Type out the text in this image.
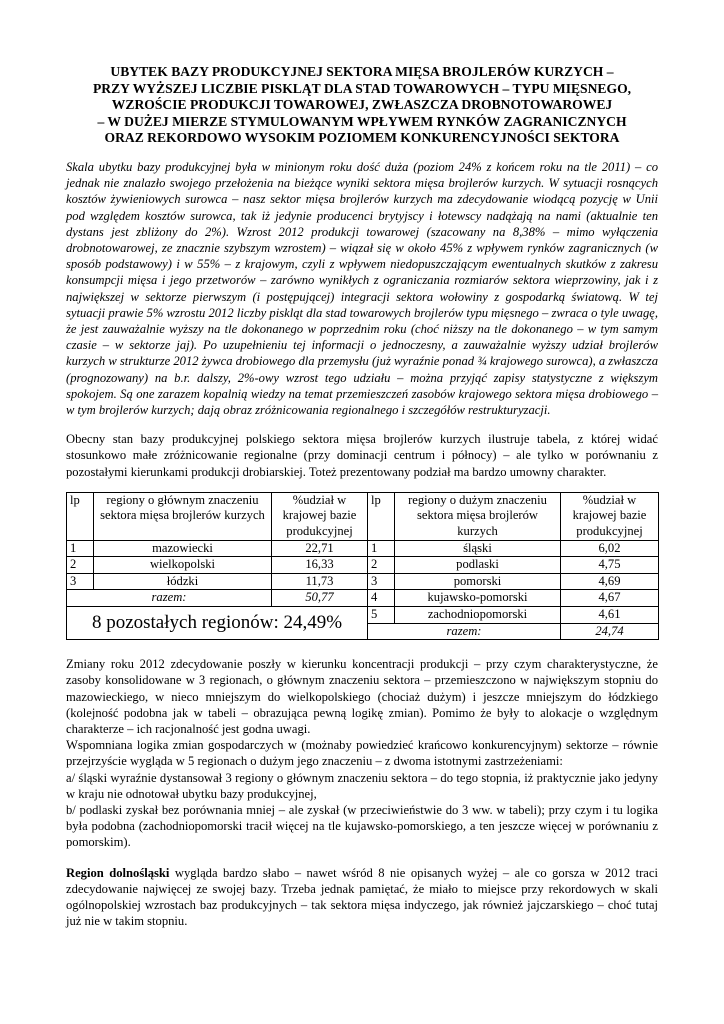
UBYTEK BAZY PRODUKCYJNEJ SEKTORA MIĘSA BROJLERÓW KURZYCH –
PRZY WYŻSZEJ LICZBIE PISKLĄT DLA STAD TOWAROWYCH – TYPU MIĘSNEGO,
WZROŚCIE PRODUKCJI TOWAROWEJ, ZWŁASZCZA DROBNOTOWAROWEJ
– W DUŻEJ MIERZE STYMULOWANYM WPŁYWEM RYNKÓW ZAGRANICZNYCH
ORAZ REKORDOWO WYSOKIM POZIOMEM KONKURENCYJNOŚCI SEKTORA

Skala ubytku bazy produkcyjnej była w minionym roku dość duża (poziom 24% z końcem roku na tle 2011) – co jednak nie znalazło swojego przełożenia na bieżące wyniki sektora mięsa brojlerów kurzych. W sytuacji rosnących kosztów żywieniowych surowca – nasz sektor mięsa brojlerów kurzych ma zdecydowanie wiodącą pozycję w Unii pod względem kosztów surowca, tak iż jedynie producenci brytyjscy i łotewscy nadążają na nami (aktualnie ten dystans jest zbliżony do 2%). Wzrost 2012 produkcji towarowej (szacowany na 8,38% – mimo wyłączenia drobnotowarowej, ze znacznie szybszym wzrostem) – wiązał się w około 45% z wpływem rynków zagranicznych (w sposób podstawowy) i w 55% – z krajowym, czyli z wpływem niedopuszczającym ewentualnych skutków z zakresu konsumpcji mięsa i jego przetworów – zarówno wynikłych z ograniczania rozmiarów sektora wieprzowiny, jak i z największej w sektorze pierwszym (i postępującej) integracji sektora wołowiny z gospodarką światową. W tej sytuacji prawie 5% wzrostu 2012 liczby piskląt dla stad towarowych brojlerów typu mięsnego – zwraca o tyle uwagę, że jest zauważalnie wyższy na tle dokonanego w poprzednim roku (choć niższy na tle dokonanego – w tym samym czasie – w sektorze jaj). Po uzupełnieniu tej informacji o jednoczesny, a zauważalnie wyższy udział brojlerów kurzych w strukturze 2012 żywca drobiowego dla przemysłu (już wyraźnie ponad ¾ krajowego surowca), a zwłaszcza (prognozowany) na b.r. dalszy, 2%-owy wzrost tego udziału – można przyjąć zapisy statystyczne z większym spokojem. Są one zarazem kopalnią wiedzy na temat przemieszczeń zasobów krajowego sektora mięsa drobiowego – w tym brojlerów kurzych; dają obraz zróżnicowania regionalnego i szczegółów restrukturyzacji.

Obecny stan bazy produkcyjnej polskiego sektora mięsa brojlerów kurzych ilustruje tabela, z której widać stosunkowo małe zróżnicowanie regionalne (przy dominacji centrum i północy) – ale tylko w porównaniu z pozostałymi kierunkami produkcji drobiarskiej. Toteż prezentowany podział ma bardzo umowny charakter.

lp	regiony o głównym znaczeniu sektora mięsa brojlerów kurzych	%udział w krajowej bazie produkcyjnej	lp	regiony o dużym znaczeniu sektora mięsa brojlerów kurzych	%udział w krajowej bazie produkcyjnej
1	mazowiecki	22,71	1	śląski	6,02
2	wielkopolski	16,33	2	podlaski	4,75
3	łódzki	11,73	3	pomorski	4,69
razem:		50,77	4	kujawsko-pomorski	4,67
8 pozostałych regionów: 24,49%			5	zachodniopomorski	4,61
			razem:		24,74

Zmiany roku 2012 zdecydowanie poszły w kierunku koncentracji produkcji – przy czym charakterystyczne, że zasoby konsolidowane w 3 regionach, o głównym znaczeniu sektora – przemieszczono w największym stopniu do mazowieckiego, w nieco mniejszym do wielkopolskiego (chociaż dużym) i jeszcze mniejszym do łódzkiego (kolejność podobna jak w tabeli – obrazująca pewną logikę zmian). Pomimo że były to alokacje o względnym charakterze – ich racjonalność jest godna uwagi.
Wspomniana logika zmian gospodarczych w (możnaby powiedzieć krańcowo konkurencyjnym) sektorze – równie przejrzyście wygląda w 5 regionach o dużym jego znaczeniu – z dwoma istotnymi zastrzeżeniami:
a/ śląski wyraźnie dystansował 3 regiony o głównym znaczeniu sektora – do tego stopnia, iż praktycznie jako jedyny w kraju nie odnotował ubytku bazy produkcyjnej,
b/ podlaski zyskał bez porównania mniej – ale zyskał (w przeciwieństwie do 3 ww. w tabeli); przy czym i tu logika była podobna (zachodniopomorski tracił więcej na tle kujawsko-pomorskiego, a ten jeszcze więcej w porównaniu z pomorskim).

Region dolnośląski wygląda bardzo słabo – nawet wśród 8 nie opisanych wyżej – ale co gorsza w 2012 traci zdecydowanie najwięcej ze swojej bazy. Trzeba jednak pamiętać, że miało to miejsce przy rekordowych w skali ogólnopolskiej wzrostach baz produkcyjnych – tak sektora mięsa indyczego, jak również jajczarskiego – choć tutaj już nie w takim stopniu.
